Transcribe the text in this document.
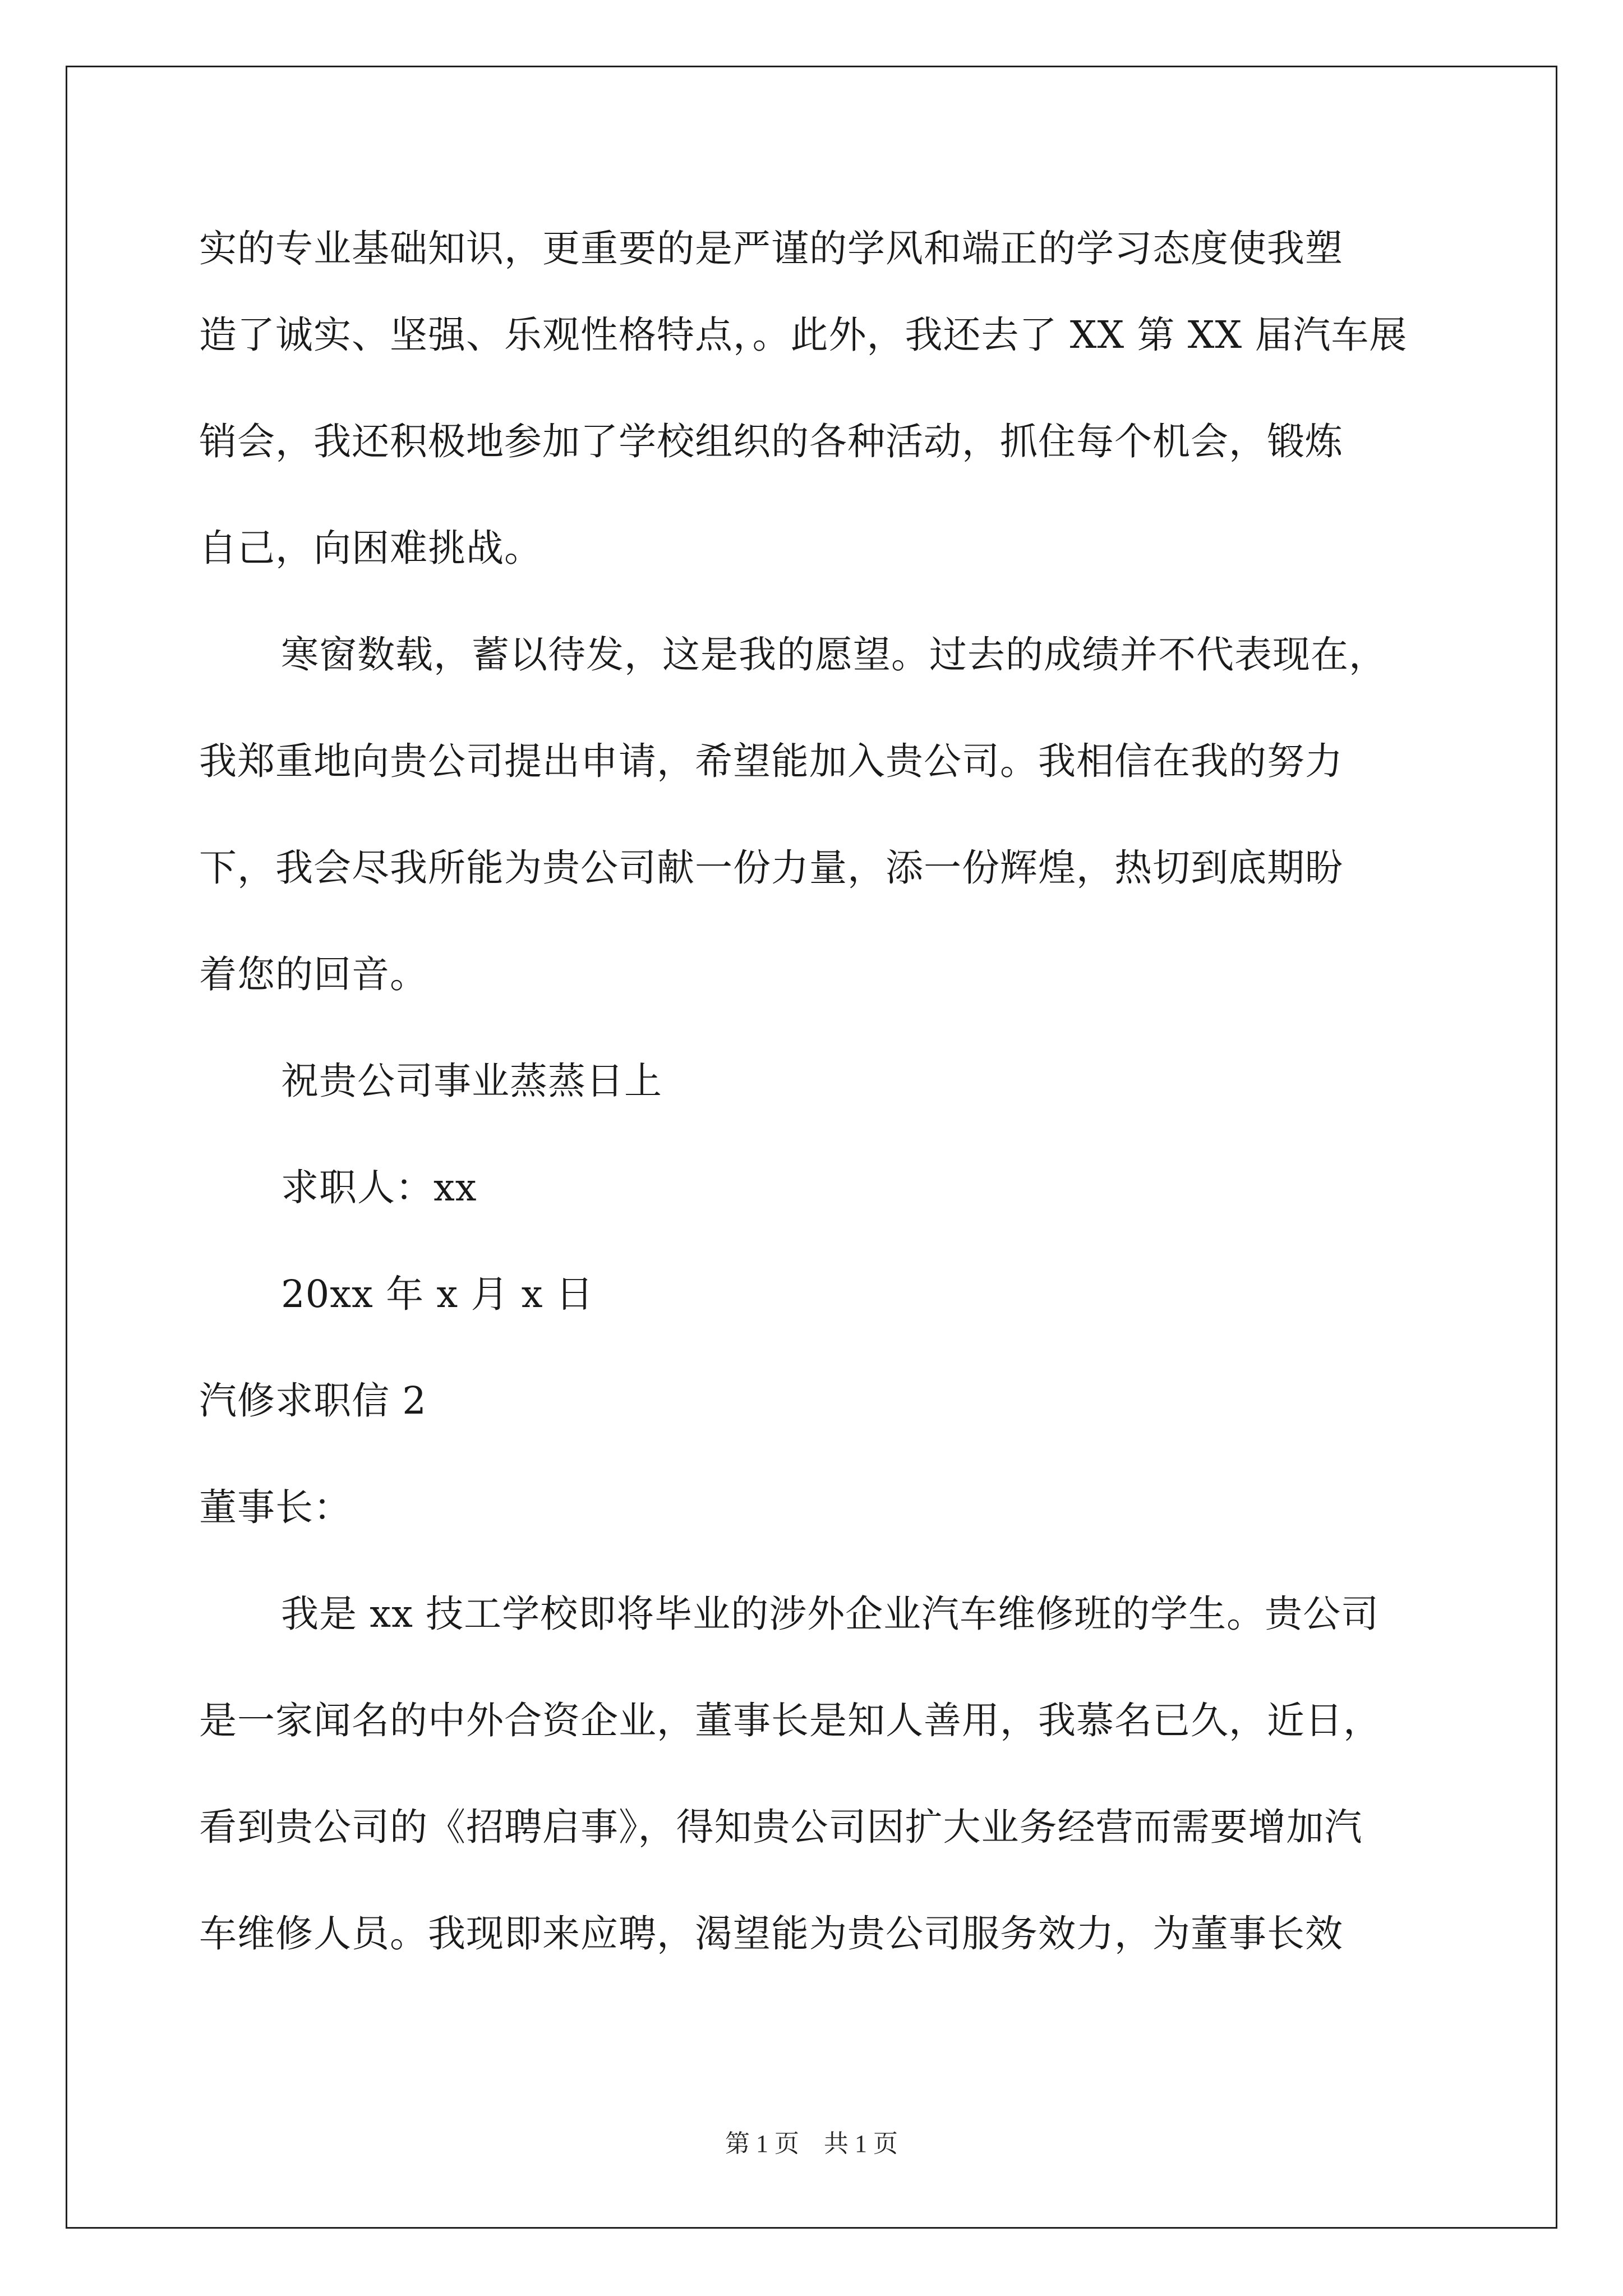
实的专业基础知识，更重要的是严谨的学风和端正的学习态度使我塑
造了诚实、坚强、乐观性格特点，。此外，我还去了 XX 第 XX 届汽车展
销会，我还积极地参加了学校组织的各种活动，抓住每个机会，锻炼
自己，向困难挑战。
寒窗数载，蓄以待发，这是我的愿望。过去的成绩并不代表现在，
我郑重地向贵公司提出申请，希望能加入贵公司。我相信在我的努力
下，我会尽我所能为贵公司献一份力量，添一份辉煌，热切到底期盼
着您的回音。
祝贵公司事业蒸蒸日上
求职人：xx
20xx 年 x 月 x 日
汽修求职信 2
董事长：
我是 xx 技工学校即将毕业的涉外企业汽车维修班的学生。贵公司
是一家闻名的中外合资企业，董事长是知人善用，我慕名已久，近日，
看到贵公司的《招聘启事》，得知贵公司因扩大业务经营而需要增加汽
车维修人员。我现即来应聘，渴望能为贵公司服务效力，为董事长效
第 1 页　共 1 页
